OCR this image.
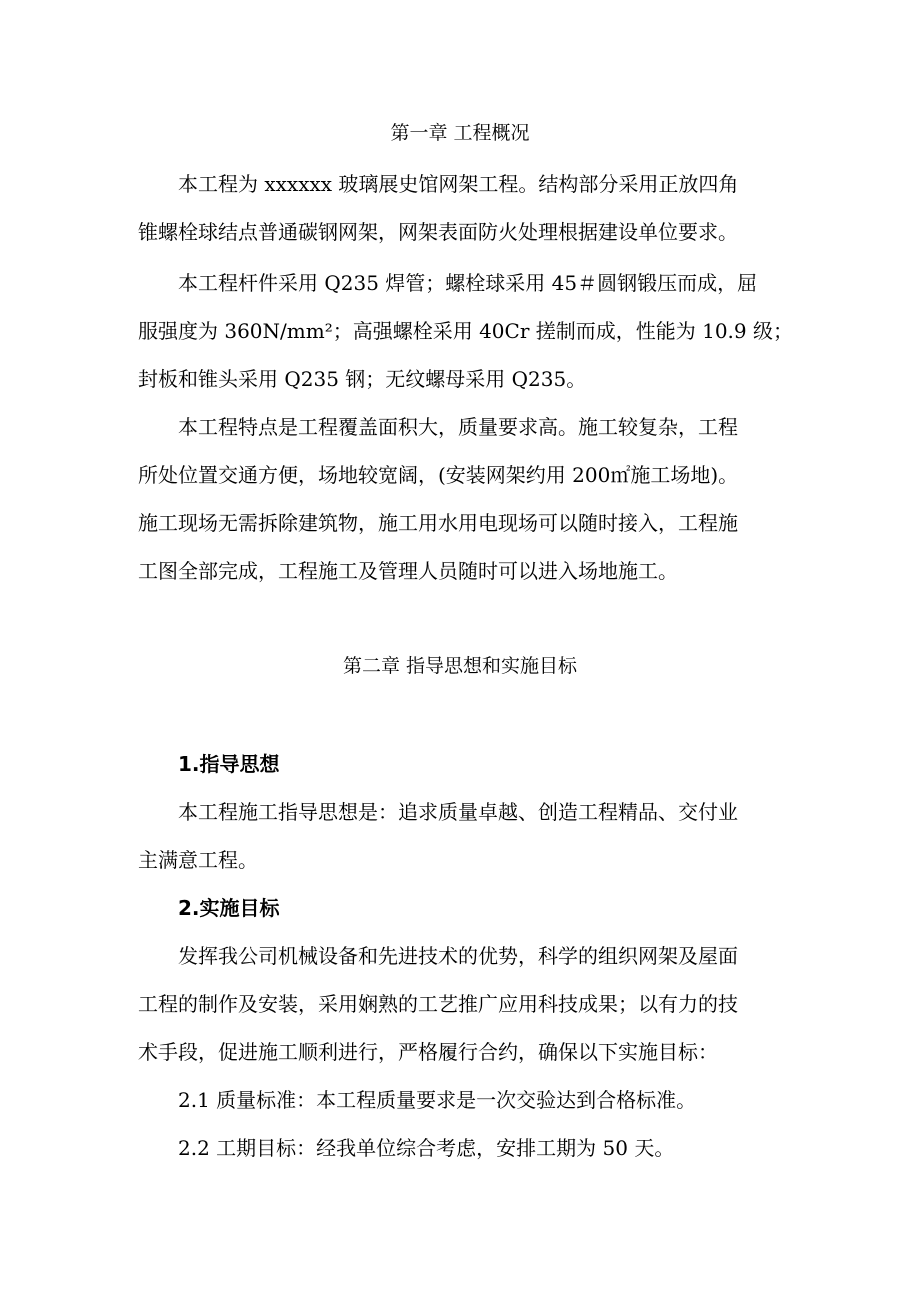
第一章 工程概况
本工程为 xxxxxx 玻璃展史馆网架工程。结构部分采用正放四角
锥螺栓球结点普通碳钢网架，网架表面防火处理根据建设单位要求。
本工程杆件采用 Q235 焊管；螺栓球采用 45＃圆钢锻压而成，屈
服强度为 360N/mm²；高强螺栓采用 40Cr 搓制而成，性能为 10.9 级；
封板和锥头采用 Q235 钢；无纹螺母采用 Q235。
本工程特点是工程覆盖面积大，质量要求高。施工较复杂，工程
所处位置交通方便，场地较宽阔，(安装网架约用 200㎡施工场地)。
施工现场无需拆除建筑物，施工用水用电现场可以随时接入，工程施
工图全部完成，工程施工及管理人员随时可以进入场地施工。
第二章 指导思想和实施目标
1.指导思想
本工程施工指导思想是：追求质量卓越、创造工程精品、交付业
主满意工程。
2.实施目标
发挥我公司机械设备和先进技术的优势，科学的组织网架及屋面
工程的制作及安装，采用娴熟的工艺推广应用科技成果；以有力的技
术手段，促进施工顺利进行，严格履行合约，确保以下实施目标：
2.1 质量标准：本工程质量要求是一次交验达到合格标准。
2.2 工期目标：经我单位综合考虑，安排工期为 50 天。
